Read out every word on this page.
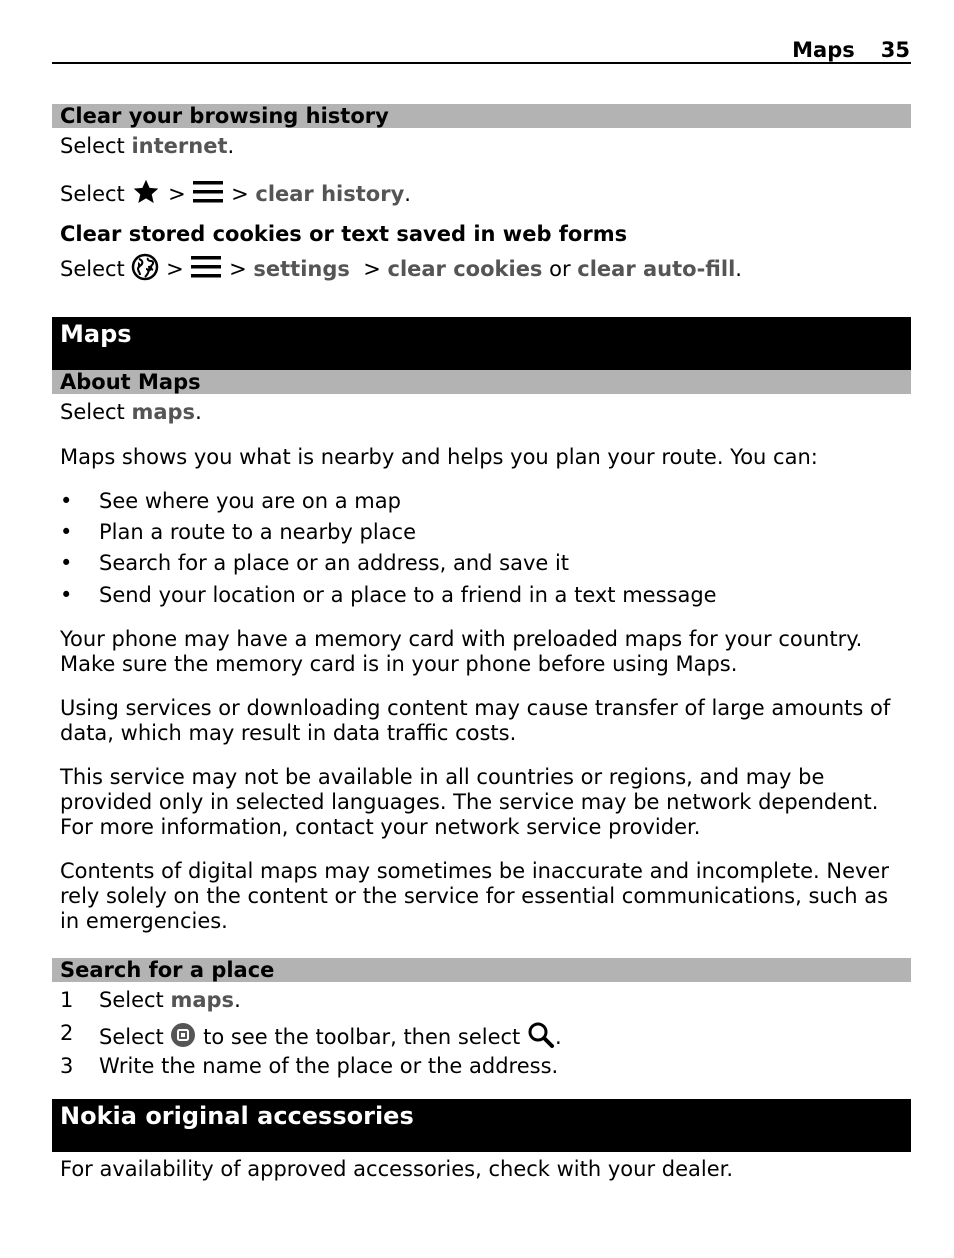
Maps 35
Clear your browsing history
Select internet.
Select  >  > clear history.
Clear stored cookies or text saved in web forms
Select  >  > settings  > clear cookies or clear auto-fill.
Maps
About Maps
Select maps.
Maps shows you what is nearby and helps you plan your route. You can:
• See where you are on a map
• Plan a route to a nearby place
• Search for a place or an address, and save it
• Send your location or a place to a friend in a text message
Your phone may have a memory card with preloaded maps for your country. Make sure the memory card is in your phone before using Maps.
Using services or downloading content may cause transfer of large amounts of data, which may result in data traffic costs.
This service may not be available in all countries or regions, and may be provided only in selected languages. The service may be network dependent. For more information, contact your network service provider.
Contents of digital maps may sometimes be inaccurate and incomplete. Never rely solely on the content or the service for essential communications, such as in emergencies.
Search for a place
1 Select maps.
2 Select  to see the toolbar, then select .
3 Write the name of the place or the address.
Nokia original accessories
For availability of approved accessories, check with your dealer.
